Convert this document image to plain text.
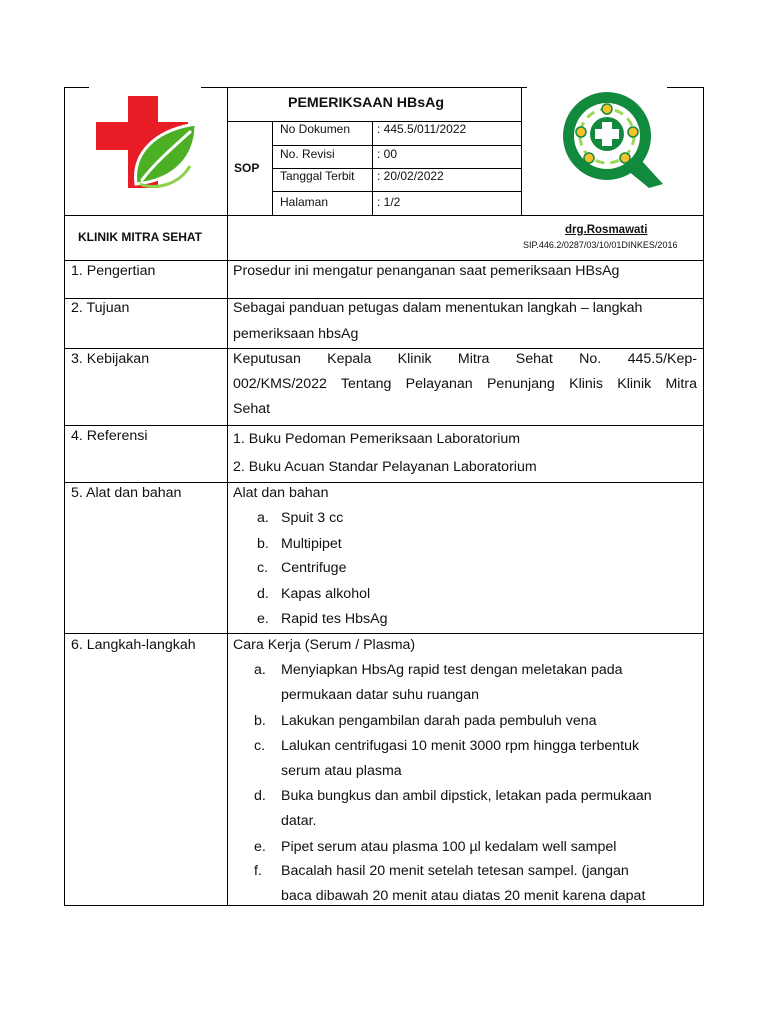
PEMERIKSAAN HBsAg
SOP
No Dokumen : 445.5/011/2022
No. Revisi	: 00
Tanggal Terbit : 20/02/2022
Halaman	: 1/2
KLINIK MITRA SEHAT	drg.Rosmawati
SIP.446.2/0287/03/10/01DINKES/2016
1. Pengertian	Prosedur ini mengatur penanganan saat pemeriksaan HBsAg
2. Tujuan	Sebagai panduan petugas dalam menentukan langkah – langkah
pemeriksaan hbsAg
3. Kebijakan	Keputusan Kepala Klinik Mitra Sehat No. 445.5/Kep-
002/KMS/2022 Tentang Pelayanan Penunjang Klinis Klinik Mitra
Sehat
4. Referensi	1. Buku Pedoman Pemeriksaan Laboratorium
2. Buku Acuan Standar Pelayanan Laboratorium
5. Alat dan bahan	Alat dan bahan
a. Spuit 3 cc
b. Multipipet
c. Centrifuge
d. Kapas alkohol
e. Rapid tes HbsAg
6. Langkah-langkah	Cara Kerja (Serum / Plasma)
a. Menyiapkan HbsAg rapid test dengan meletakan pada
permukaan datar suhu ruangan
b. Lakukan pengambilan darah pada pembuluh vena
c. Lalukan centrifugasi 10 menit 3000 rpm hingga terbentuk
serum atau plasma
d. Buka bungkus dan ambil dipstick, letakan pada permukaan
datar.
e. Pipet serum atau plasma 100 µl kedalam well sampel
f. Bacalah hasil 20 menit setelah tetesan sampel. (jangan
baca dibawah 20 menit atau diatas 20 menit karena dapat
